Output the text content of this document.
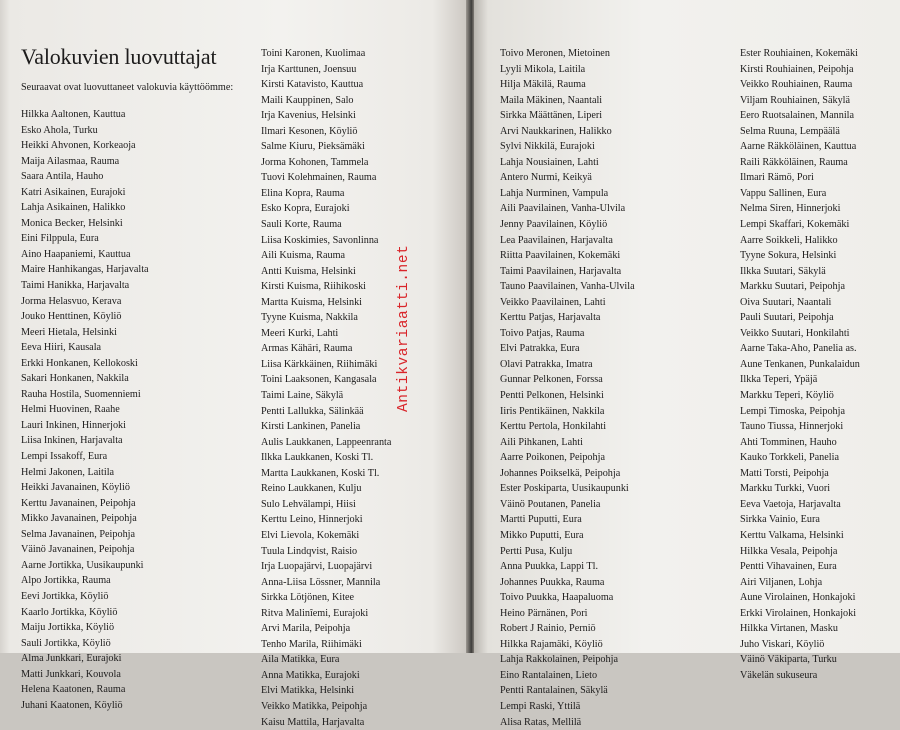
Valokuvien luovuttajat

Seuraavat ovat luovuttaneet valokuvia käyttöömme:

Hilkka Aaltonen, Kauttua
Esko Ahola, Turku
Heikki Ahvonen, Korkeaoja
Maija Ailasmaa, Rauma
Saara Antila, Hauho
Katri Asikainen, Eurajoki
Lahja Asikainen, Halikko
Monica Becker, Helsinki
Eini Filppula, Eura
Aino Haapaniemi, Kauttua
Maire Hanhikangas, Harjavalta
Taimi Hanikka, Harjavalta
Jorma Helasvuo, Kerava
Jouko Henttinen, Köyliö
Meeri Hietala, Helsinki
Eeva Hiiri, Kausala
Erkki Honkanen, Kellokoski
Sakari Honkanen, Nakkila
Rauha Hostila, Suomenniemi
Helmi Huovinen, Raahe
Lauri Inkinen, Hinnerjoki
Liisa Inkinen, Harjavalta
Lempi Issakoff, Eura
Helmi Jakonen, Laitila
Heikki Javanainen, Köyliö
Kerttu Javanainen, Peipohja
Mikko Javanainen, Peipohja
Selma Javanainen, Peipohja
Väinö Javanainen, Peipohja
Aarne Jortikka, Uusikaupunki
Alpo Jortikka, Rauma
Eevi Jortikka, Köyliö
Kaarlo Jortikka, Köyliö
Maiju Jortikka, Köyliö
Sauli Jortikka, Köyliö
Alma Junkkari, Eurajoki
Matti Junkkari, Kouvola
Helena Kaatonen, Rauma
Juhani Kaatonen, Köyliö
Toini Karonen, Kuolimaa
Irja Karttunen, Joensuu
Kirsti Katavisto, Kauttua
Maili Kauppinen, Salo
Irja Kavenius, Helsinki
Ilmari Kesonen, Köyliö
Salme Kiuru, Pieksämäki
Jorma Kohonen, Tammela
Tuovi Kolehmainen, Rauma
Elina Kopra, Rauma
Esko Kopra, Eurajoki
Sauli Korte, Rauma
Liisa Koskimies, Savonlinna
Aili Kuisma, Rauma
Antti Kuisma, Helsinki
Kirsti Kuisma, Riihikoski
Martta Kuisma, Helsinki
Tyyne Kuisma, Nakkila
Meeri Kurki, Lahti
Armas Kähäri, Rauma
Liisa Kärkkäinen, Riihimäki
Toini Laaksonen, Kangasala
Taimi Laine, Säkylä
Pentti Lallukka, Sälinkää
Kirsti Lankinen, Panelia
Aulis Laukkanen, Lappeenranta
Ilkka Laukkanen, Koski Tl.
Martta Laukkanen, Koski Tl.
Reino Laukkanen, Kulju
Sulo Lehvälampi, Hiisi
Kerttu Leino, Hinnerjoki
Elvi Lievola, Kokemäki
Tuula Lindqvist, Raisio
Irja Luopajärvi, Luopajärvi
Anna-Liisa Lössner, Mannila
Sirkka Lötjönen, Kitee
Ritva Malinîemi, Eurajoki
Arvi Marila, Peipohja
Tenho Marila, Riihimäki
Aila Matikka, Eura
Anna Matikka, Eurajoki
Elvi Matikka, Helsinki
Veikko Matikka, Peipohja
Kaisu Mattila, Harjavalta
Antikvariaatti.net
Toivo Meronen, Mietoinen
Lyyli Mikola, Laitila
Hilja Mäkilä, Rauma
Maila Mäkinen, Naantali
Sirkka Määttänen, Liperi
Arvi Naukkarinen, Halikko
Sylvi Nikkilä, Eurajoki
Lahja Nousiainen, Lahti
Antero Nurmi, Keikyä
Lahja Nurminen, Vampula
Aili Paavilainen, Vanha-Ulvila
Jenny Paavilainen, Köyliö
Lea Paavilainen, Harjavalta
Riitta Paavilainen, Kokemäki
Taimi Paavilainen, Harjavalta
Tauno Paavilainen, Vanha-Ulvila
Veikko Paavilainen, Lahti
Kerttu Patjas, Harjavalta
Toivo Patjas, Rauma
Elvi Patrakka, Eura
Olavi Patrakka, Imatra
Gunnar Pelkonen, Forssa
Pentti Pelkonen, Helsinki
Iiris Pentikäinen, Nakkila
Kerttu Pertola, Honkilahti
Aili Pihkanen, Lahti
Aarre Poikonen, Peipohja
Johannes Poikselkä, Peipohja
Ester Poskiparta, Uusikaupunki
Väinö Poutanen, Panelia
Martti Puputti, Eura
Mikko Puputti, Eura
Pertti Pusa, Kulju
Anna Puukka, Lappi Tl.
Johannes Puukka, Rauma
Toivo Puukka, Haapaluoma
Heino Pärnänen, Pori
Robert J Rainio, Perniö
Hilkka Rajamäki, Köyliö
Lahja Rakkolainen, Peipohja
Eino Rantalainen, Lieto
Pentti Rantalainen, Säkylä
Lempi Raski, Yttilä
Alisa Ratas, Mellilä
Ester Rouhiainen, Kokemäki
Kirsti Rouhiainen, Peipohja
Veikko Rouhiainen, Rauma
Viljam Rouhiainen, Säkylä
Eero Ruotsalainen, Mannila
Selma Ruuna, Lempäälä
Aarne Räkköläinen, Kauttua
Raili Räkköläinen, Rauma
Ilmari Rämö, Pori
Vappu Sallinen, Eura
Nelma Siren, Hinnerjoki
Lempi Skaffari, Kokemäki
Aarre Soikkeli, Halikko
Tyyne Sokura, Helsinki
Ilkka Suutari, Säkylä
Markku Suutari, Peipohja
Oiva Suutari, Naantali
Pauli Suutari, Peipohja
Veikko Suutari, Honkilahti
Aarne Taka-Aho, Panelia as.
Aune Tenkanen, Punkalaidun
Ilkka Teperi, Ypäjä
Markku Teperi, Köyliö
Lempi Timoska, Peipohja
Tauno Tiussa, Hinnerjoki
Ahti Tomminen, Hauho
Kauko Torkkeli, Panelia
Matti Torsti, Peipohja
Markku Turkki, Vuori
Eeva Vaetoja, Harjavalta
Sirkka Vainio, Eura
Kerttu Valkama, Helsinki
Hilkka Vesala, Peipohja
Pentti Vihavainen, Eura
Airi Viljanen, Lohja
Aune Virolainen, Honkajoki
Erkki Virolainen, Honkajoki
Hilkka Virtanen, Masku
Juho Viskari, Köyliö
Väinö Väkiparta, Turku
Väkelän sukuseura
